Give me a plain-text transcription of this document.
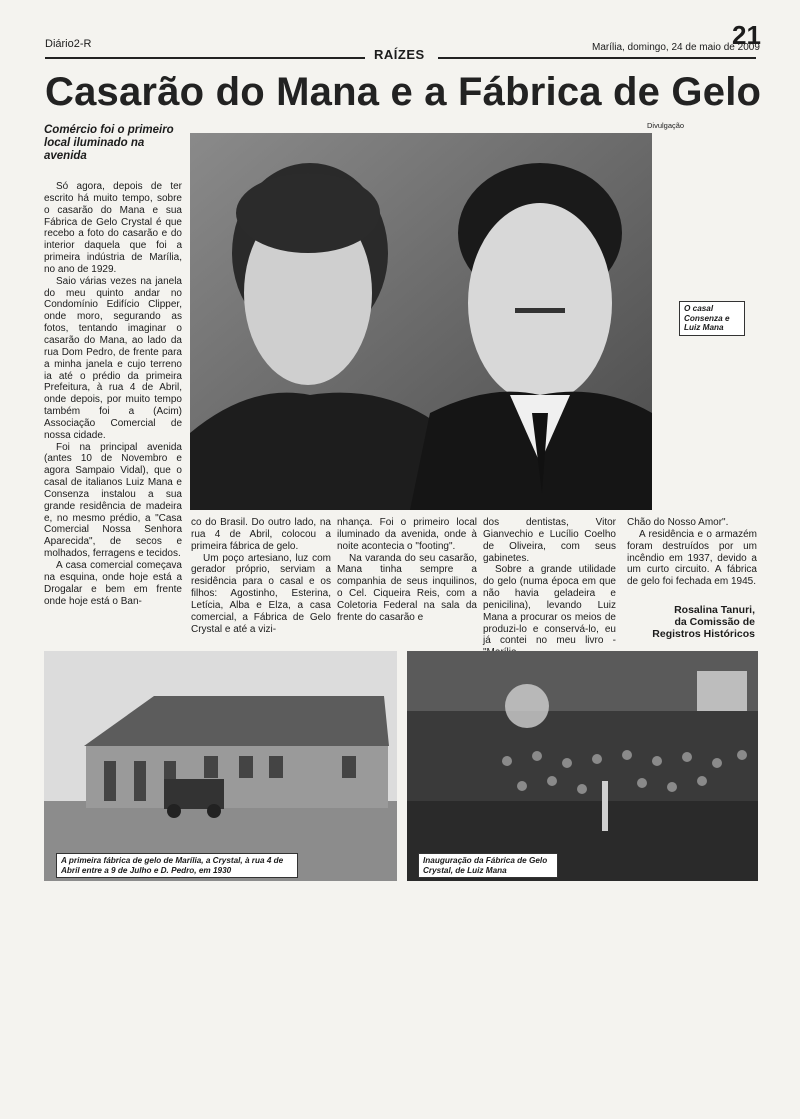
Diário2-R
RAÍZES	Marília, domingo, 24 de maio de 2009
21
Casarão do Mana e a Fábrica de Gelo
Comércio foi o primeiro local iluminado na avenida
Divulgação
O casal Consenza e Luiz Mana

Só agora, depois de ter escrito há muito tempo, sobre o casarão do Mana e sua Fábrica de Gelo Crystal é que recebo a foto do casarão e do interior daquela que foi a primeira indústria de Marília, no ano de 1929.

Saio várias vezes na janela do meu quinto andar no Condomínio Edifício Clipper, onde moro, segurando as fotos, tentando imaginar o casarão do Mana, ao lado da rua Dom Pedro, de frente para a minha janela e cujo terreno ia até o prédio da primeira Prefeitura, à rua 4 de Abril, onde depois, por muito tempo também foi a (Acim) Associação Comercial de nossa cidade.

Foi na principal avenida (antes 10 de Novembro e agora Sampaio Vidal), que o casal de italianos Luiz Mana e Consenza instalou a sua grande residência de madeira e, no mesmo prédio, a "Casa Comercial Nossa Senhora Aparecida", de secos e molhados, ferragens e tecidos.

A casa comercial começava na esquina, onde hoje está a Drogalar e bem em frente onde hoje está o Ban-

co do Brasil. Do outro lado, na rua 4 de Abril, colocou a primeira fábrica de gelo.

Um poço artesiano, luz com gerador próprio, serviam a residência para o casal e os filhos: Agostinho, Esterina, Letícia, Alba e Elza, a casa comercial, a Fábrica de Gelo Crystal e até a vizi-

nhança. Foi o primeiro local iluminado da avenida, onde à noite acontecia o "footing".

Na varanda do seu casarão, Mana tinha sempre a companhia de seus inquilinos, o Cel. Ciqueira Reis, com a Coletoria Federal na sala da frente do casarão e

dos dentistas, Vitor Gianvechio e Lucílio Coelho de Oliveira, com seus gabinetes.

Sobre a grande utilidade do gelo (numa época em que não havia geladeira e penicilina), levando Luiz Mana a procurar os meios de produzi-lo e conservá-lo, eu já contei no meu livro -

Chão do Nosso Amor".

A residência e o armazém foram destruídos por um incêndio em 1937, devido a um curto circuito. A fábrica de gelo foi fechada em 1945.

Rosalina Tanuri,
da Comissão de
Registros Históricos
A primeira fábrica de gelo de Marília, a Crystal, à rua 4 de Abril entre a 9 de Julho e D. Pedro, em 1930
Inauguração da Fábrica de Gelo Crystal, de Luiz Mana
